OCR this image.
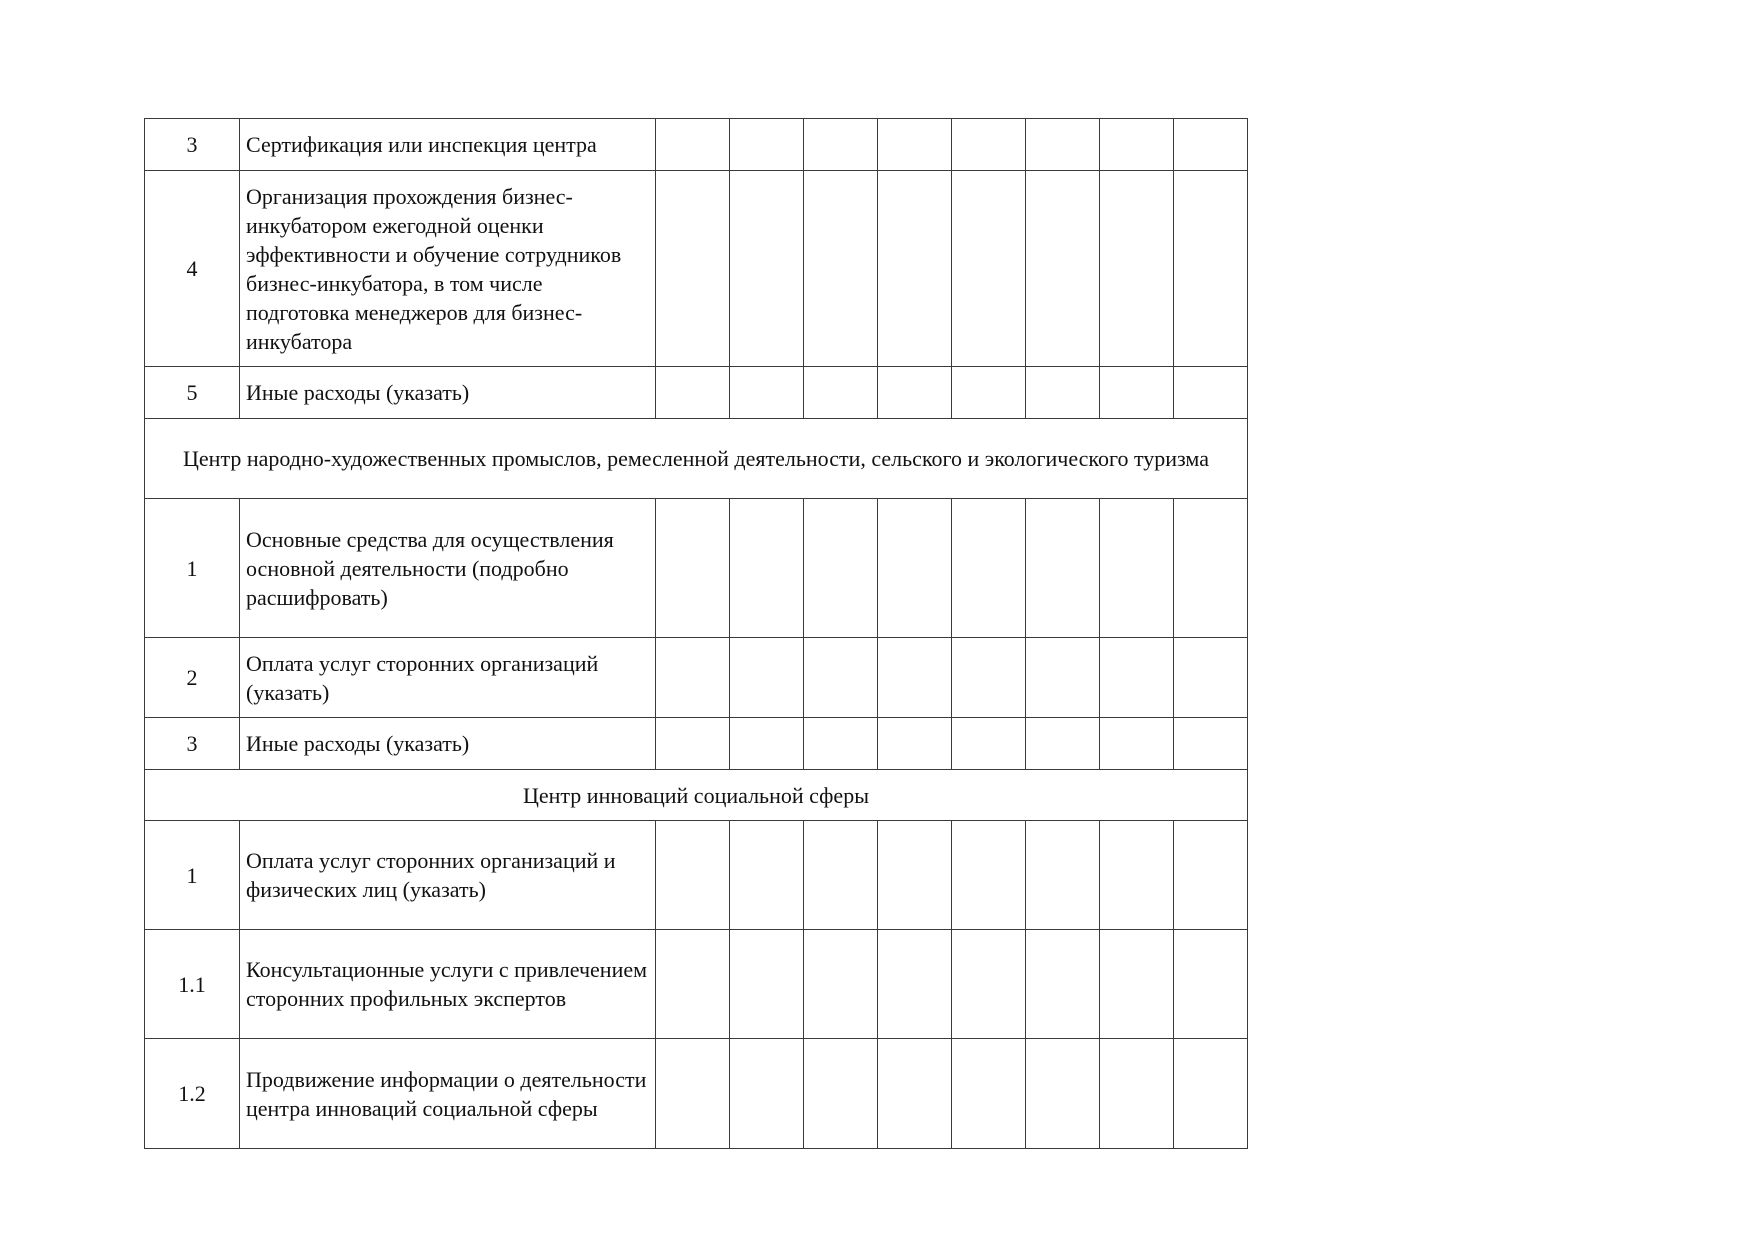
3	Сертификация или инспекция центра								
4	Организация прохождения бизнес-инкубатором ежегодной оценки эффективности и обучение сотрудников бизнес-инкубатора, в том числе подготовка менеджеров для бизнес-инкубатора								
5	Иные расходы (указать)								
Центр народно-художественных промыслов, ремесленной деятельности, сельского и экологического туризма									
1	Основные средства для осуществления основной деятельности (подробно расшифровать)								
2	Оплата услуг сторонних организаций (указать)								
3	Иные расходы (указать)								
Центр инноваций социальной сферы									
1	Оплата услуг сторонних организаций и физических лиц (указать)								
1.1	Консультационные услуги с привлечением сторонних профильных экспертов								
1.2	Продвижение информации о деятельности центра инноваций социальной сферы								
